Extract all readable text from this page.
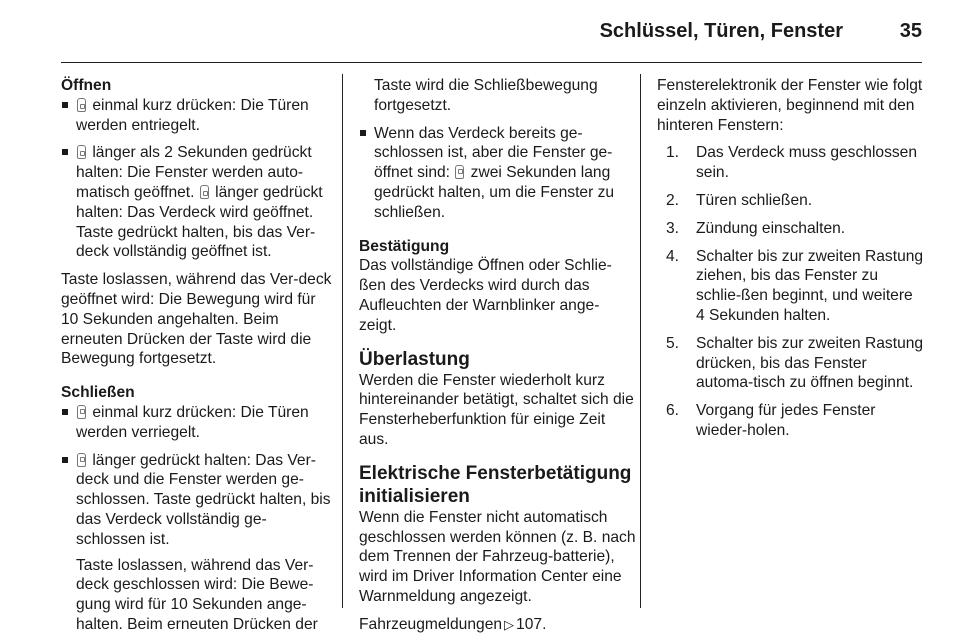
Schlüssel, Türen, Fenster	35
Öffnen
einmal kurz drücken: Die Türen werden entriegelt.
länger als 2 Sekunden gedrückt halten: Die Fenster werden auto-matisch geöffnet.  länger gedrückt halten: Das Verdeck wird geöffnet. Taste gedrückt halten, bis das Ver-deck vollständig geöffnet ist.

Taste loslassen, während das Ver-deck geöffnet wird: Die Bewegung wird für 10 Sekunden angehalten. Beim erneuten Drücken der Taste wird die Bewegung fortgesetzt.

Schließen
einmal kurz drücken: Die Türen werden verriegelt.
länger gedrückt halten: Das Ver-deck und die Fenster werden ge-schlossen. Taste gedrückt halten, bis das Verdeck vollständig ge-schlossen ist.

Taste loslassen, während das Ver-deck geschlossen wird: Die Bewe-gung wird für 10 Sekunden ange-halten. Beim erneuten Drücken der

Taste wird die Schließbewegung fortgesetzt.

Wenn das Verdeck bereits ge-schlossen ist, aber die Fenster ge-öffnet sind:  zwei Sekunden lang gedrückt halten, um die Fenster zu schließen.
Bestätigung

Das vollständige Öffnen oder Schlie-ßen des Verdecks wird durch das Aufleuchten der Warnblinker ange-zeigt.

Überlastung

Werden die Fenster wiederholt kurz hintereinander betätigt, schaltet sich die Fensterheberfunktion für einige Zeit aus.

Elektrische Fensterbetätigung initialisieren

Wenn die Fenster nicht automatisch geschlossen werden können (z. B. nach dem Trennen der Fahrzeug-batterie), wird im Driver Information Center eine Warnmeldung angezeigt.

Fahrzeugmeldungen ▷ 107.

Fensterelektronik der Fenster wie folgt einzeln aktivieren, beginnend mit den hinteren Fenstern:

1. Das Verdeck muss geschlossen sein.
2. Türen schließen.
3. Zündung einschalten.
4. Schalter bis zur zweiten Rastung ziehen, bis das Fenster zu schlie-ßen beginnt, und weitere 4 Sekunden halten.
5. Schalter bis zur zweiten Rastung drücken, bis das Fenster automa-tisch zu öffnen beginnt.
6. Vorgang für jedes Fenster wieder-holen.
